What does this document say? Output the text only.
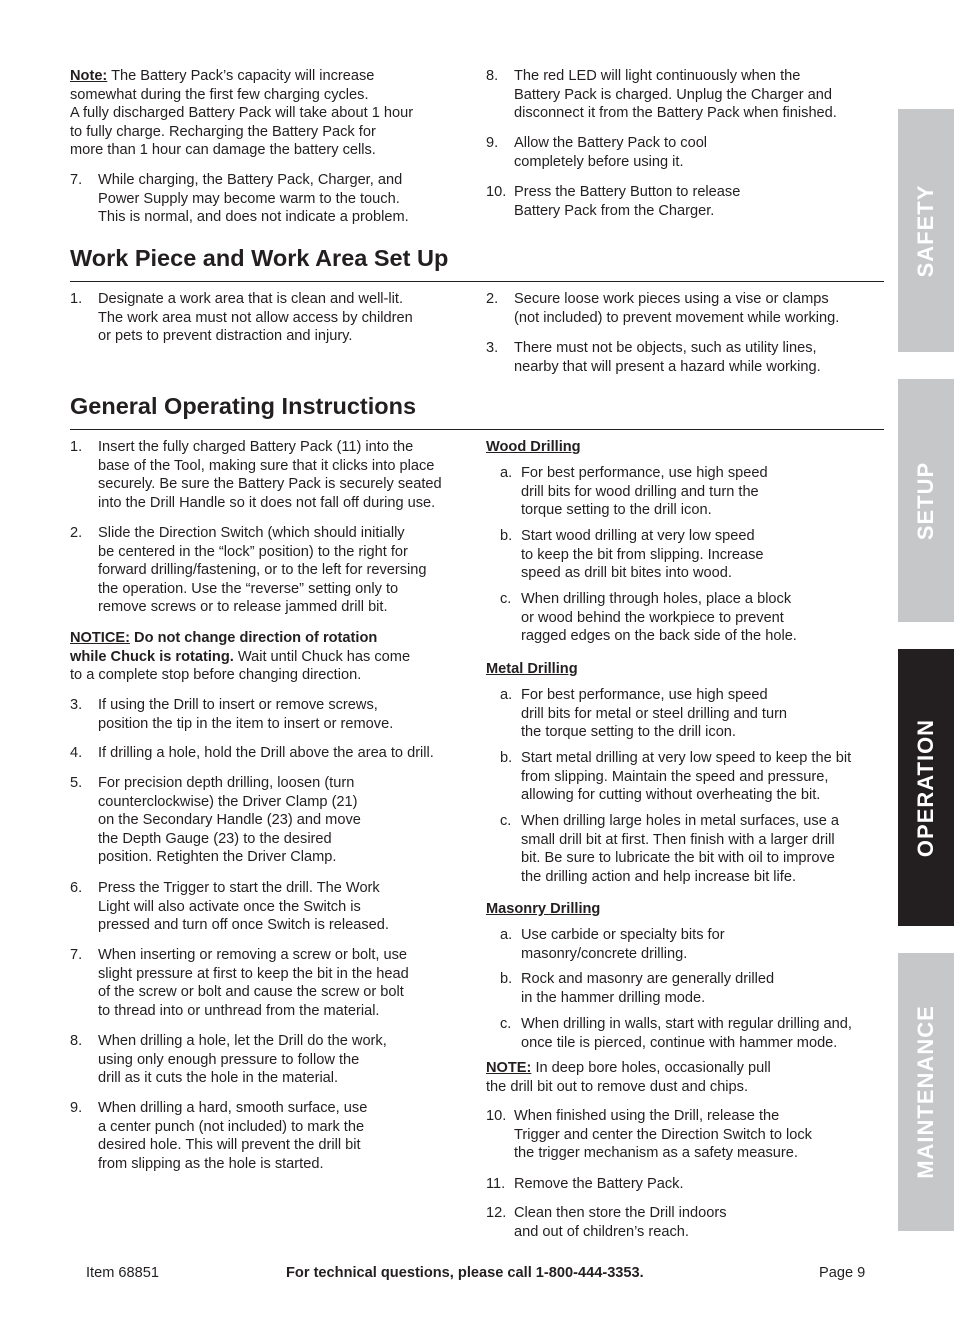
Note: The Battery Pack’s capacity will increase
somewhat during the first few charging cycles.
A fully discharged Battery Pack will take about 1 hour
to fully charge. Recharging the Battery Pack for
more than 1 hour can damage the battery cells.
7. While charging, the Battery Pack, Charger, and
Power Supply may become warm to the touch.
This is normal, and does not indicate a problem.
8. The red LED will light continuously when the
Battery Pack is charged. Unplug the Charger and
disconnect it from the Battery Pack when finished.
9. Allow the Battery Pack to cool
completely before using it.
10. Press the Battery Button to release
Battery Pack from the Charger.
Work Piece and Work Area Set Up
1. Designate a work area that is clean and well-lit.
The work area must not allow access by children
or pets to prevent distraction and injury.
2. Secure loose work pieces using a vise or clamps
(not included) to prevent movement while working.
3. There must not be objects, such as utility lines,
nearby that will present a hazard while working.
General Operating Instructions
1. Insert the fully charged Battery Pack (11) into the
base of the Tool, making sure that it clicks into place
securely. Be sure the Battery Pack is securely seated
into the Drill Handle so it does not fall off during use.
2. Slide the Direction Switch (which should initially
be centered in the “lock” position) to the right for
forward drilling/fastening, or to the left for reversing
the operation. Use the “reverse” setting only to
remove screws or to release jammed drill bit.
NOTICE: Do not change direction of rotation
while Chuck is rotating. Wait until Chuck has come
to a complete stop before changing direction.
3. If using the Drill to insert or remove screws,
position the tip in the item to insert or remove.
4. If drilling a hole, hold the Drill above the area to drill.
5. For precision depth drilling, loosen (turn
counterclockwise) the Driver Clamp (21)
on the Secondary Handle (23) and move
the Depth Gauge (23) to the desired
position. Retighten the Driver Clamp.
6. Press the Trigger to start the drill. The Work
Light will also activate once the Switch is
pressed and turn off once Switch is released.
7. When inserting or removing a screw or bolt, use
slight pressure at first to keep the bit in the head
of the screw or bolt and cause the screw or bolt
to thread into or unthread from the material.
8. When drilling a hole, let the Drill do the work,
using only enough pressure to follow the
drill as it cuts the hole in the material.
9. When drilling a hard, smooth surface, use
a center punch (not included) to mark the
desired hole. This will prevent the drill bit
from slipping as the hole is started.
Wood Drilling
a. For best performance, use high speed
drill bits for wood drilling and turn the
torque setting to the drill icon.
b. Start wood drilling at very low speed
to keep the bit from slipping. Increase
speed as drill bit bites into wood.
c. When drilling through holes, place a block
or wood behind the workpiece to prevent
ragged edges on the back side of the hole.
Metal Drilling
a. For best performance, use high speed
drill bits for metal or steel drilling and turn
the torque setting to the drill icon.
b. Start metal drilling at very low speed to keep the bit
from slipping. Maintain the speed and pressure,
allowing for cutting without overheating the bit.
c. When drilling large holes in metal surfaces, use a
small drill bit at first. Then finish with a larger drill
bit. Be sure to lubricate the bit with oil to improve
the drilling action and help increase bit life.
Masonry Drilling
a. Use carbide or specialty bits for
masonry/concrete drilling.
b. Rock and masonry are generally drilled
in the hammer drilling mode.
c. When drilling in walls, start with regular drilling and,
once tile is pierced, continue with hammer mode.
NOTE: In deep bore holes, occasionally pull
the drill bit out to remove dust and chips.
10. When finished using the Drill, release the
Trigger and center the Direction Switch to lock
the trigger mechanism as a safety measure.
11. Remove the Battery Pack.
12. Clean then store the Drill indoors
and out of children’s reach.
SAFETY
SETUP
OPERATION
MAINTENANCE
Item 68851	For technical questions, please call 1-800-444-3353.	Page 9
